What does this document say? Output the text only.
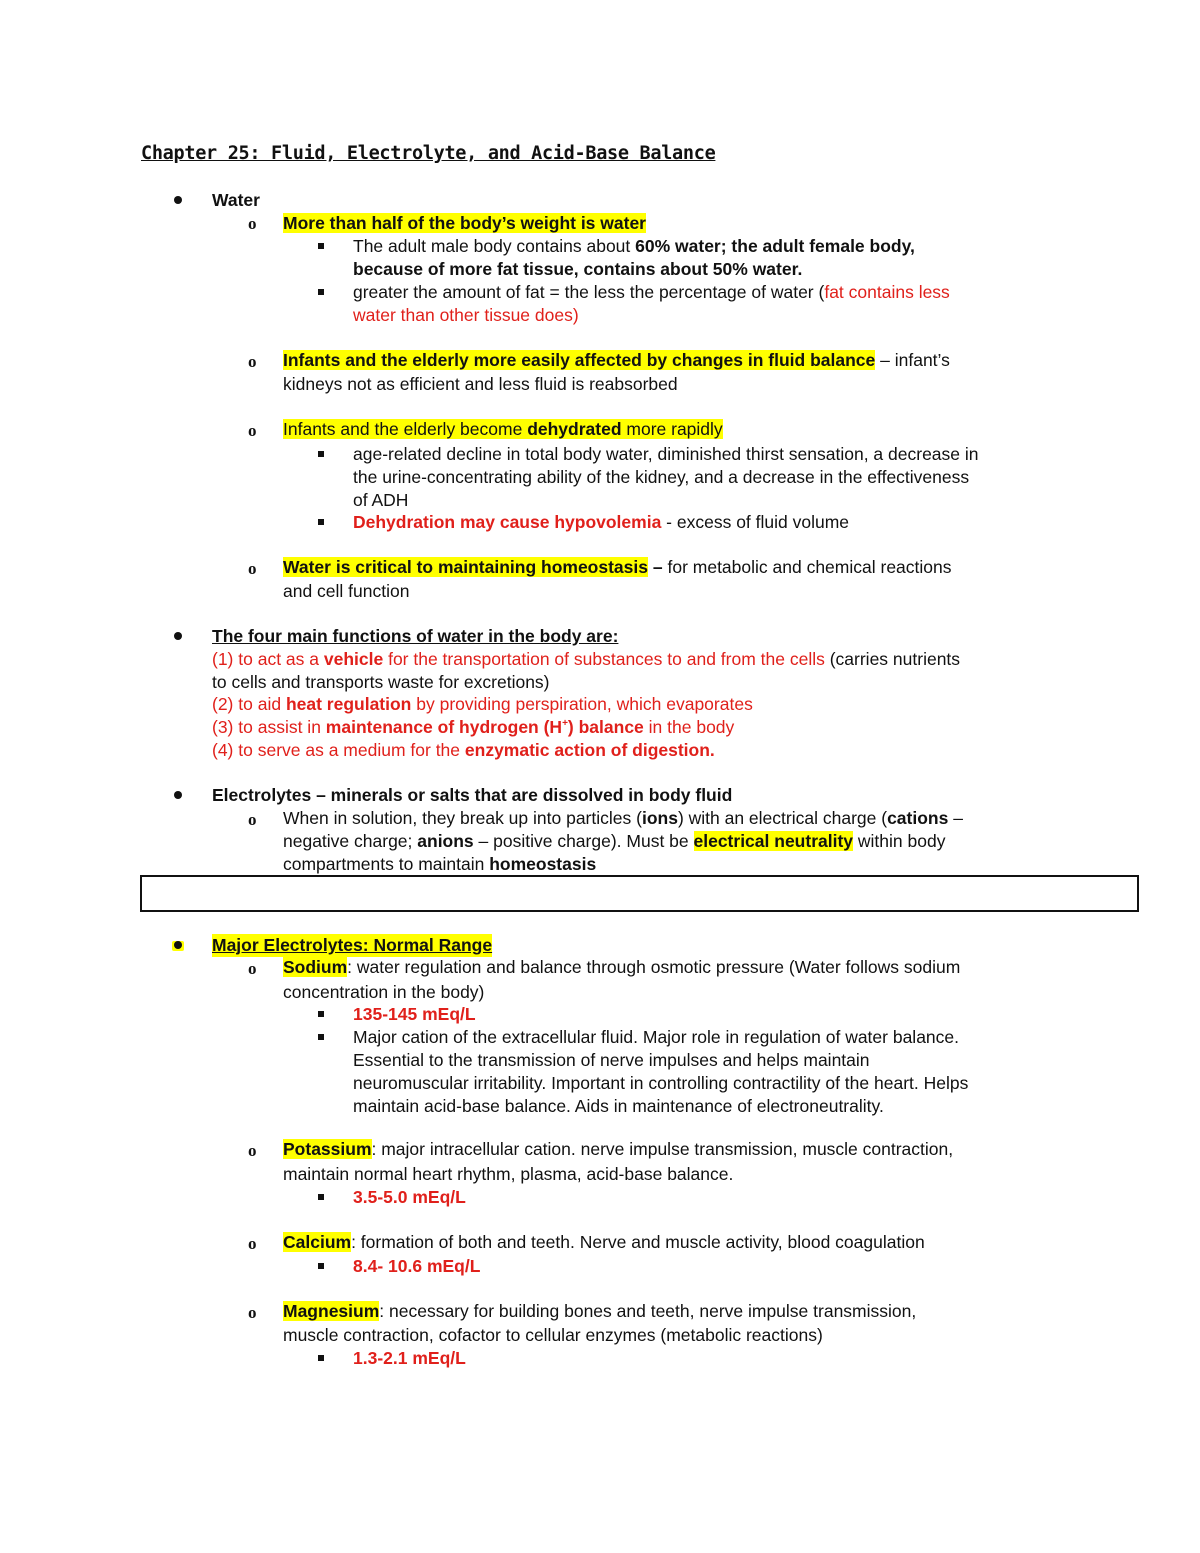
Chapter 25: Fluid, Electrolyte, and Acid-Base Balance
Water
o More than half of the body’s weight is water
The adult male body contains about 60% water; the adult female body,
because of more fat tissue, contains about 50% water.
greater the amount of fat = the less the percentage of water (fat contains less
water than other tissue does)
o Infants and the elderly more easily affected by changes in fluid balance – infant’s
kidneys not as efficient and less fluid is reabsorbed
o Infants and the elderly become dehydrated more rapidly
age-related decline in total body water, diminished thirst sensation, a decrease in
the urine-concentrating ability of the kidney, and a decrease in the effectiveness
of ADH
Dehydration may cause hypovolemia - excess of fluid volume
o Water is critical to maintaining homeostasis – for metabolic and chemical reactions
and cell function
The four main functions of water in the body are:
(1) to act as a vehicle for the transportation of substances to and from the cells (carries nutrients
to cells and transports waste for excretions)
(2) to aid heat regulation by providing perspiration, which evaporates
(3) to assist in maintenance of hydrogen (H+) balance in the body
(4) to serve as a medium for the enzymatic action of digestion.
Electrolytes – minerals or salts that are dissolved in body fluid
o When in solution, they break up into particles (ions) with an electrical charge (cations –
negative charge; anions – positive charge). Must be electrical neutrality within body
compartments to maintain homeostasis
Major Electrolytes: Normal Range
o Sodium: water regulation and balance through osmotic pressure (Water follows sodium
concentration in the body)
135-145 mEq/L
Major cation of the extracellular fluid. Major role in regulation of water balance.
Essential to the transmission of nerve impulses and helps maintain
neuromuscular irritability. Important in controlling contractility of the heart. Helps
maintain acid-base balance. Aids in maintenance of electroneutrality.
o Potassium: major intracellular cation. nerve impulse transmission, muscle contraction,
maintain normal heart rhythm, plasma, acid-base balance.
3.5-5.0 mEq/L
o Calcium: formation of both and teeth. Nerve and muscle activity, blood coagulation
8.4- 10.6 mEq/L
o Magnesium: necessary for building bones and teeth, nerve impulse transmission,
muscle contraction, cofactor to cellular enzymes (metabolic reactions)
1.3-2.1 mEq/L
